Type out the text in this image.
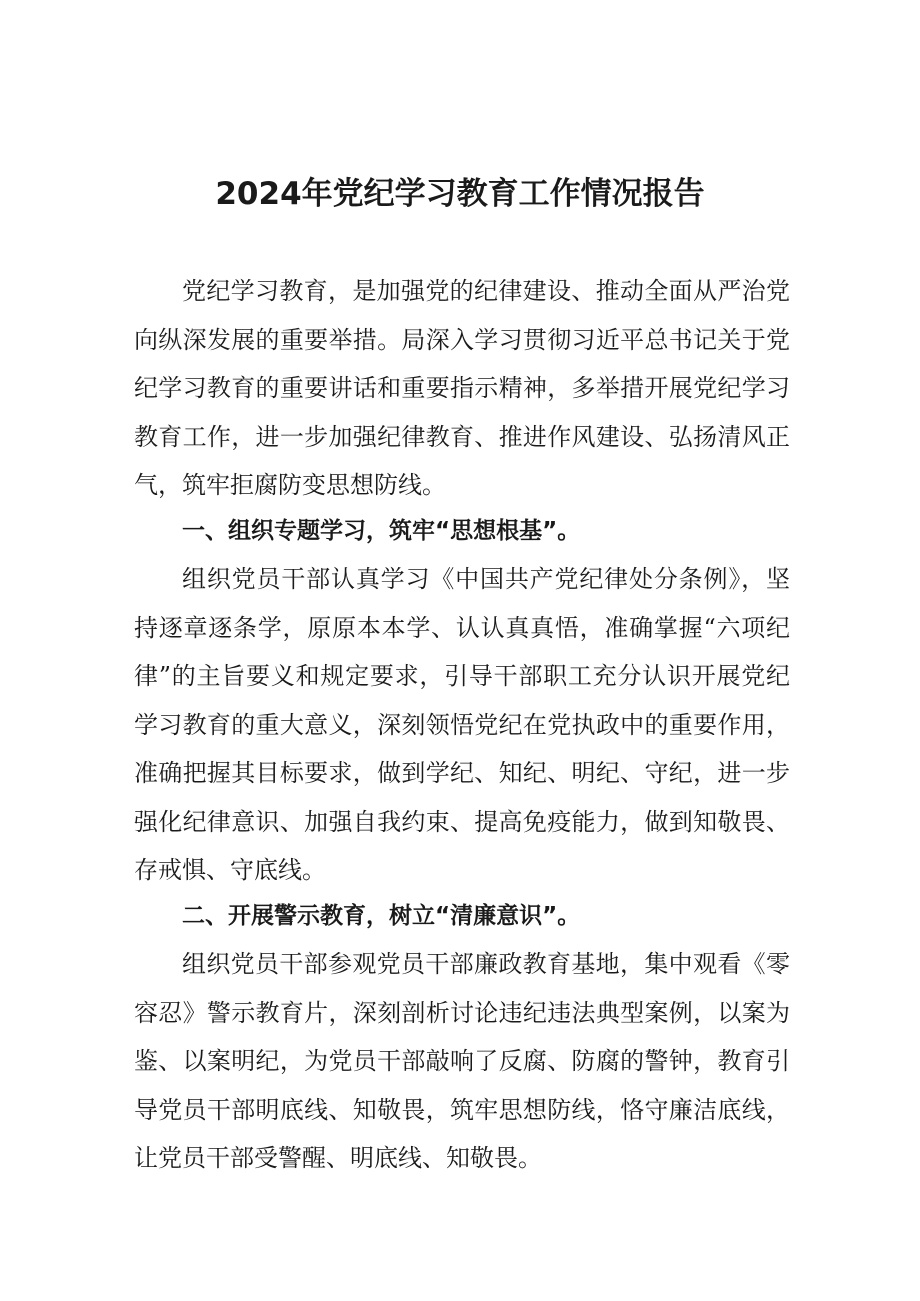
2024年党纪学习教育工作情况报告

党纪学习教育，是加强党的纪律建设、推动全面从严治党向纵深发展的重要举措。局深入学习贯彻习近平总书记关于党纪学习教育的重要讲话和重要指示精神，多举措开展党纪学习教育工作，进一步加强纪律教育、推进作风建设、弘扬清风正气，筑牢拒腐防变思想防线。

一、组织专题学习，筑牢“思想根基”。

组织党员干部认真学习《中国共产党纪律处分条例》，坚持逐章逐条学，原原本本学、认认真真悟，准确掌握“六项纪律”的主旨要义和规定要求，引导干部职工充分认识开展党纪学习教育的重大意义，深刻领悟党纪在党执政中的重要作用，准确把握其目标要求，做到学纪、知纪、明纪、守纪，进一步强化纪律意识、加强自我约束、提高免疫能力，做到知敬畏、存戒惧、守底线。

二、开展警示教育，树立“清廉意识”。

组织党员干部参观党员干部廉政教育基地，集中观看《零容忍》警示教育片，深刻剖析讨论违纪违法典型案例，以案为鉴、以案明纪，为党员干部敲响了反腐、防腐的警钟，教育引导党员干部明底线、知敬畏，筑牢思想防线，恪守廉洁底线，让党员干部受警醒、明底线、知敬畏。
